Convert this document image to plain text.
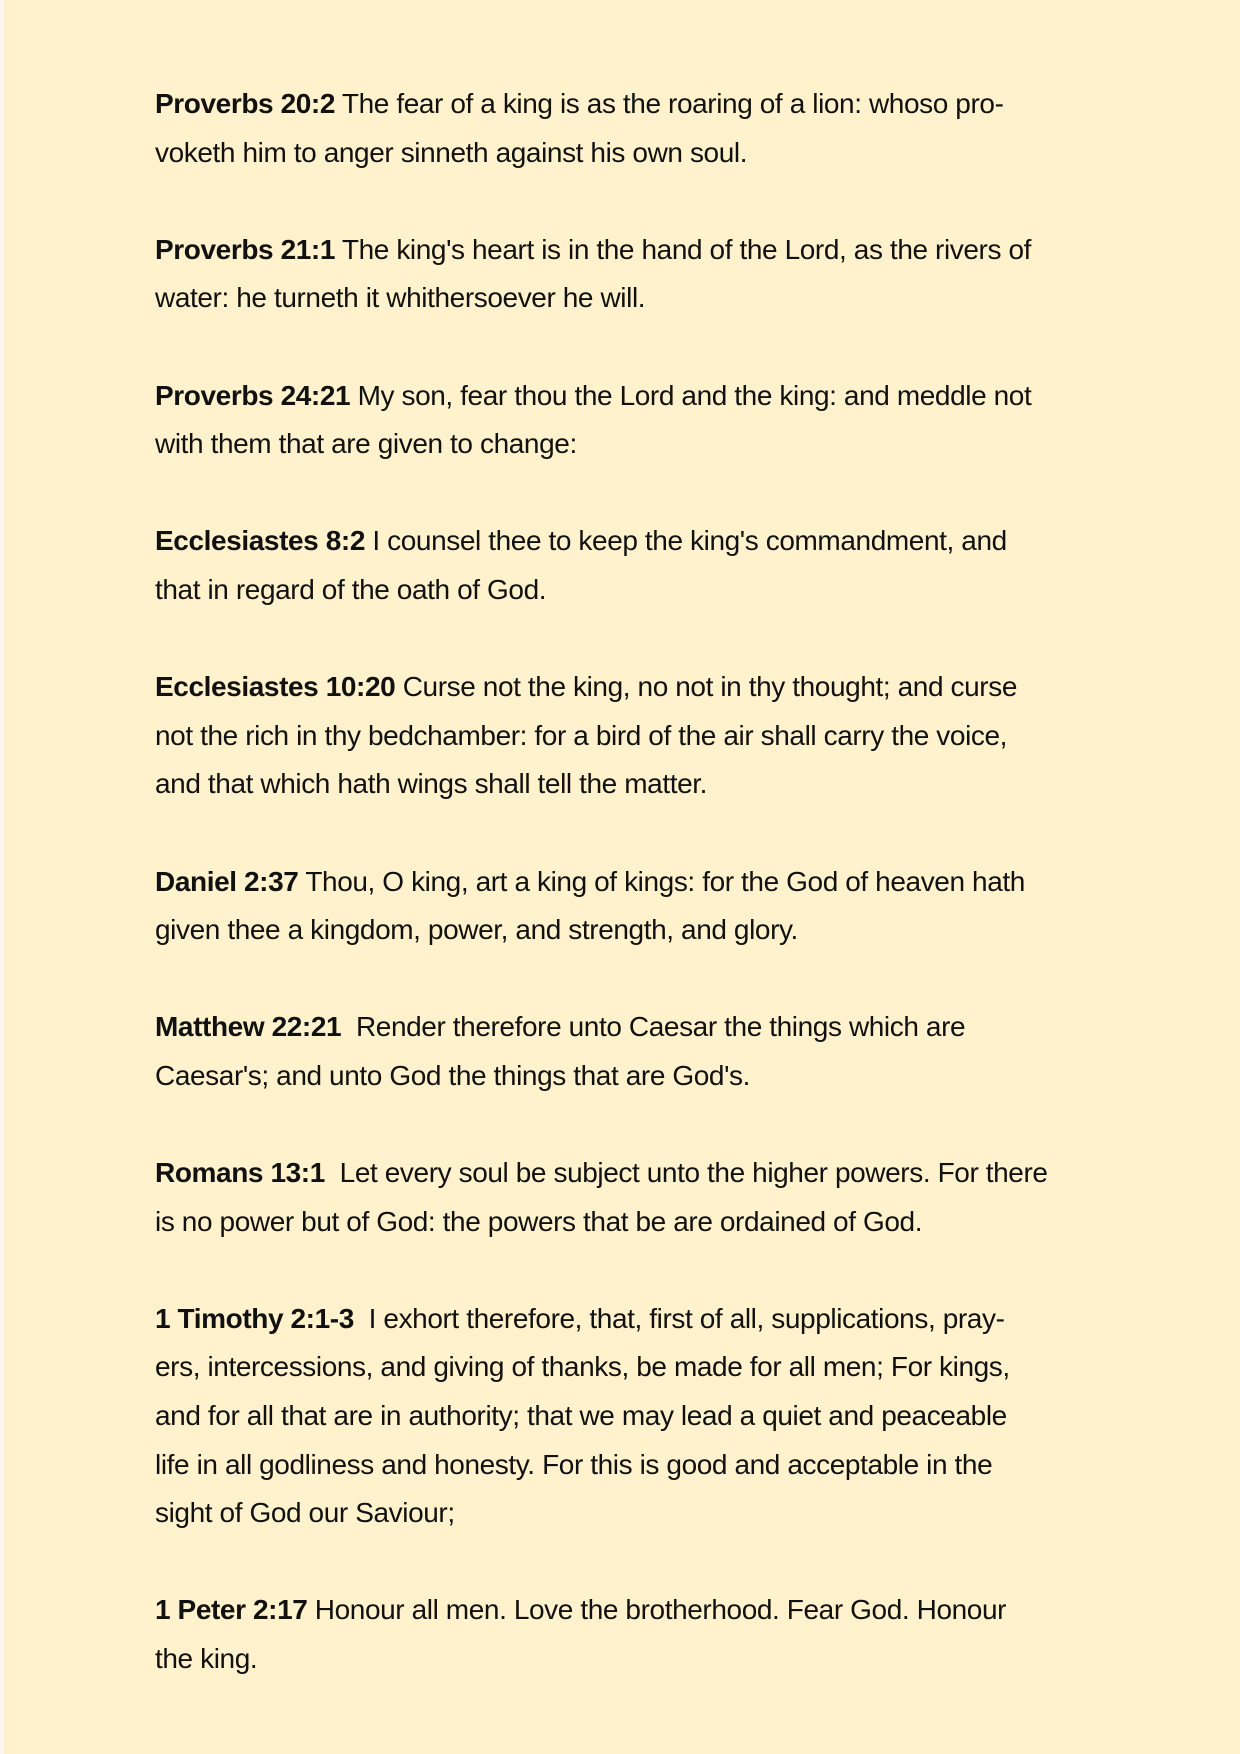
Proverbs 20:2 The fear of a king is as the roaring of a lion: whoso pro-
voketh him to anger sinneth against his own soul.
Proverbs 21:1 The king's heart is in the hand of the Lord, as the rivers of
water: he turneth it whithersoever he will.
Proverbs 24:21 My son, fear thou the Lord and the king: and meddle not
with them that are given to change:
Ecclesiastes 8:2 I counsel thee to keep the king's commandment, and
that in regard of the oath of God.
Ecclesiastes 10:20 Curse not the king, no not in thy thought; and curse
not the rich in thy bedchamber: for a bird of the air shall carry the voice,
and that which hath wings shall tell the matter.
Daniel 2:37 Thou, O king, art a king of kings: for the God of heaven hath
given thee a kingdom, power, and strength, and glory.
Matthew 22:21  Render therefore unto Caesar the things which are
Caesar's; and unto God the things that are God's.
Romans 13:1  Let every soul be subject unto the higher powers. For there
is no power but of God: the powers that be are ordained of God.
1 Timothy 2:1-3  I exhort therefore, that, first of all, supplications, pray-
ers, intercessions, and giving of thanks, be made for all men; For kings,
and for all that are in authority; that we may lead a quiet and peaceable
life in all godliness and honesty. For this is good and acceptable in the
sight of God our Saviour;
1 Peter 2:17 Honour all men. Love the brotherhood. Fear God. Honour
the king.
